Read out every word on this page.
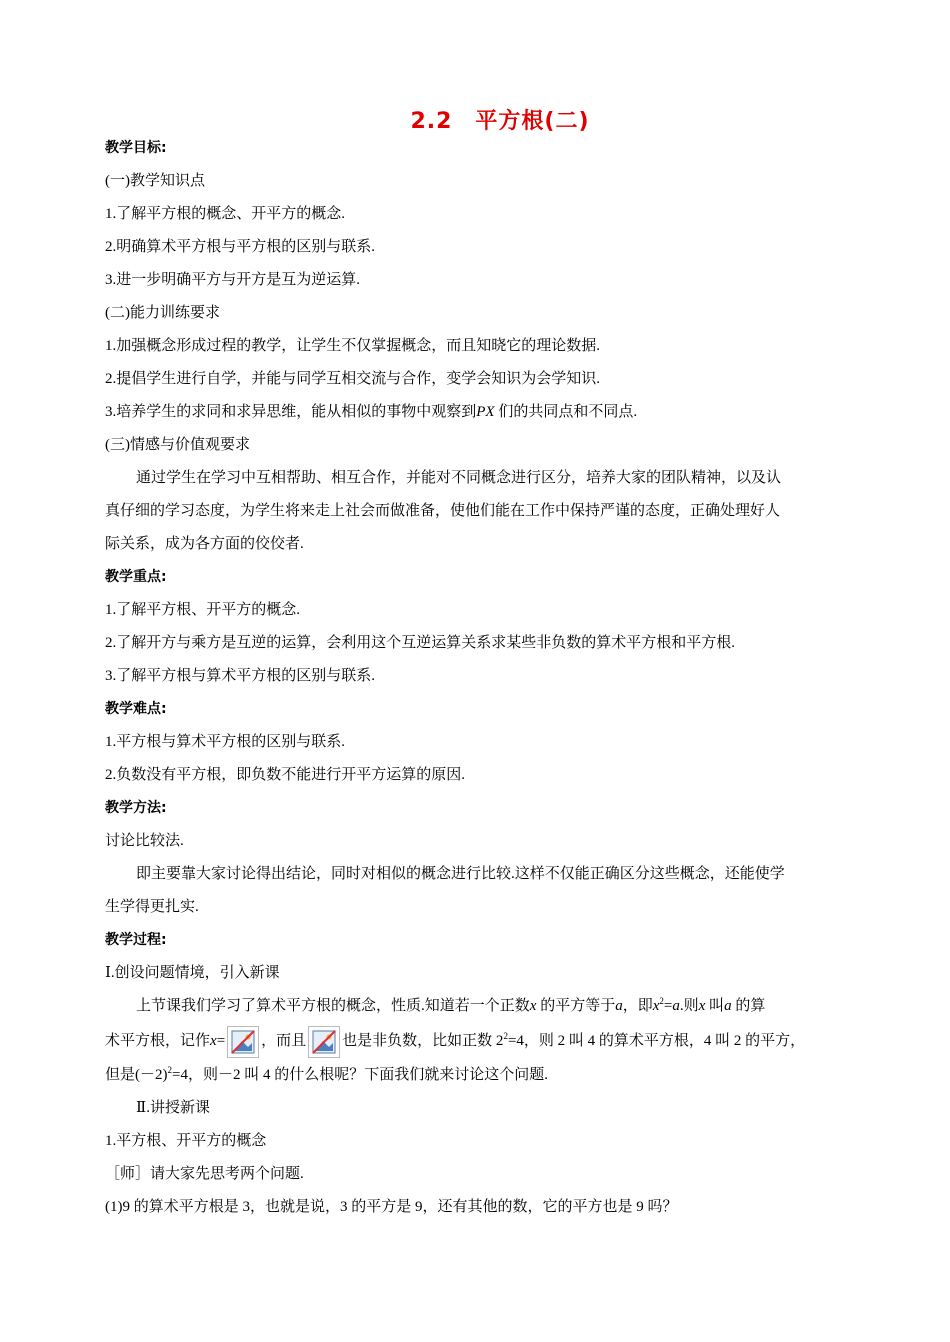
2.2　平方根(二)
教学目标:
(一)教学知识点
1.了解平方根的概念、开平方的概念.
2.明确算术平方根与平方根的区别与联系.
3.进一步明确平方与开方是互为逆运算.
(二)能力训练要求
1.加强概念形成过程的教学，让学生不仅掌握概念，而且知晓它的理论数据.
2.提倡学生进行自学，并能与同学互相交流与合作，变学会知识为会学知识.
3.培养学生的求同和求异思维，能从相似的事物中观察到PX 们的共同点和不同点.
(三)情感与价值观要求
通过学生在学习中互相帮助、相互合作，并能对不同概念进行区分，培养大家的团队精神，以及认
真仔细的学习态度，为学生将来走上社会而做准备，使他们能在工作中保持严谨的态度，正确处理好人
际关系，成为各方面的佼佼者.
教学重点:
1.了解平方根、开平方的概念.
2.了解开方与乘方是互逆的运算，会利用这个互逆运算关系求某些非负数的算术平方根和平方根.
3.了解平方根与算术平方根的区别与联系.
教学难点:
1.平方根与算术平方根的区别与联系.
2.负数没有平方根，即负数不能进行开平方运算的原因.
教学方法:
讨论比较法.
即主要靠大家讨论得出结论，同时对相似的概念进行比较.这样不仅能正确区分这些概念，还能使学
生学得更扎实.
教学过程:
Ⅰ.创设问题情境，引入新课
上节课我们学习了算术平方根的概念，性质.知道若一个正数x 的平方等于a，即$x^2=a$.则x 叫a 的算
术平方根，记作x= ，而且 也是非负数，比如正数 $2^2=4$，则 2 叫 4 的算术平方根，4 叫 2 的平方，
但是$(-2)^2=4$，则－2 叫 4 的什么根呢？下面我们就来讨论这个问题.
Ⅱ.讲授新课
1.平方根、开平方的概念
［师］请大家先思考两个问题.
(1)9 的算术平方根是 3，也就是说，3 的平方是 9，还有其他的数，它的平方也是 9 吗？
